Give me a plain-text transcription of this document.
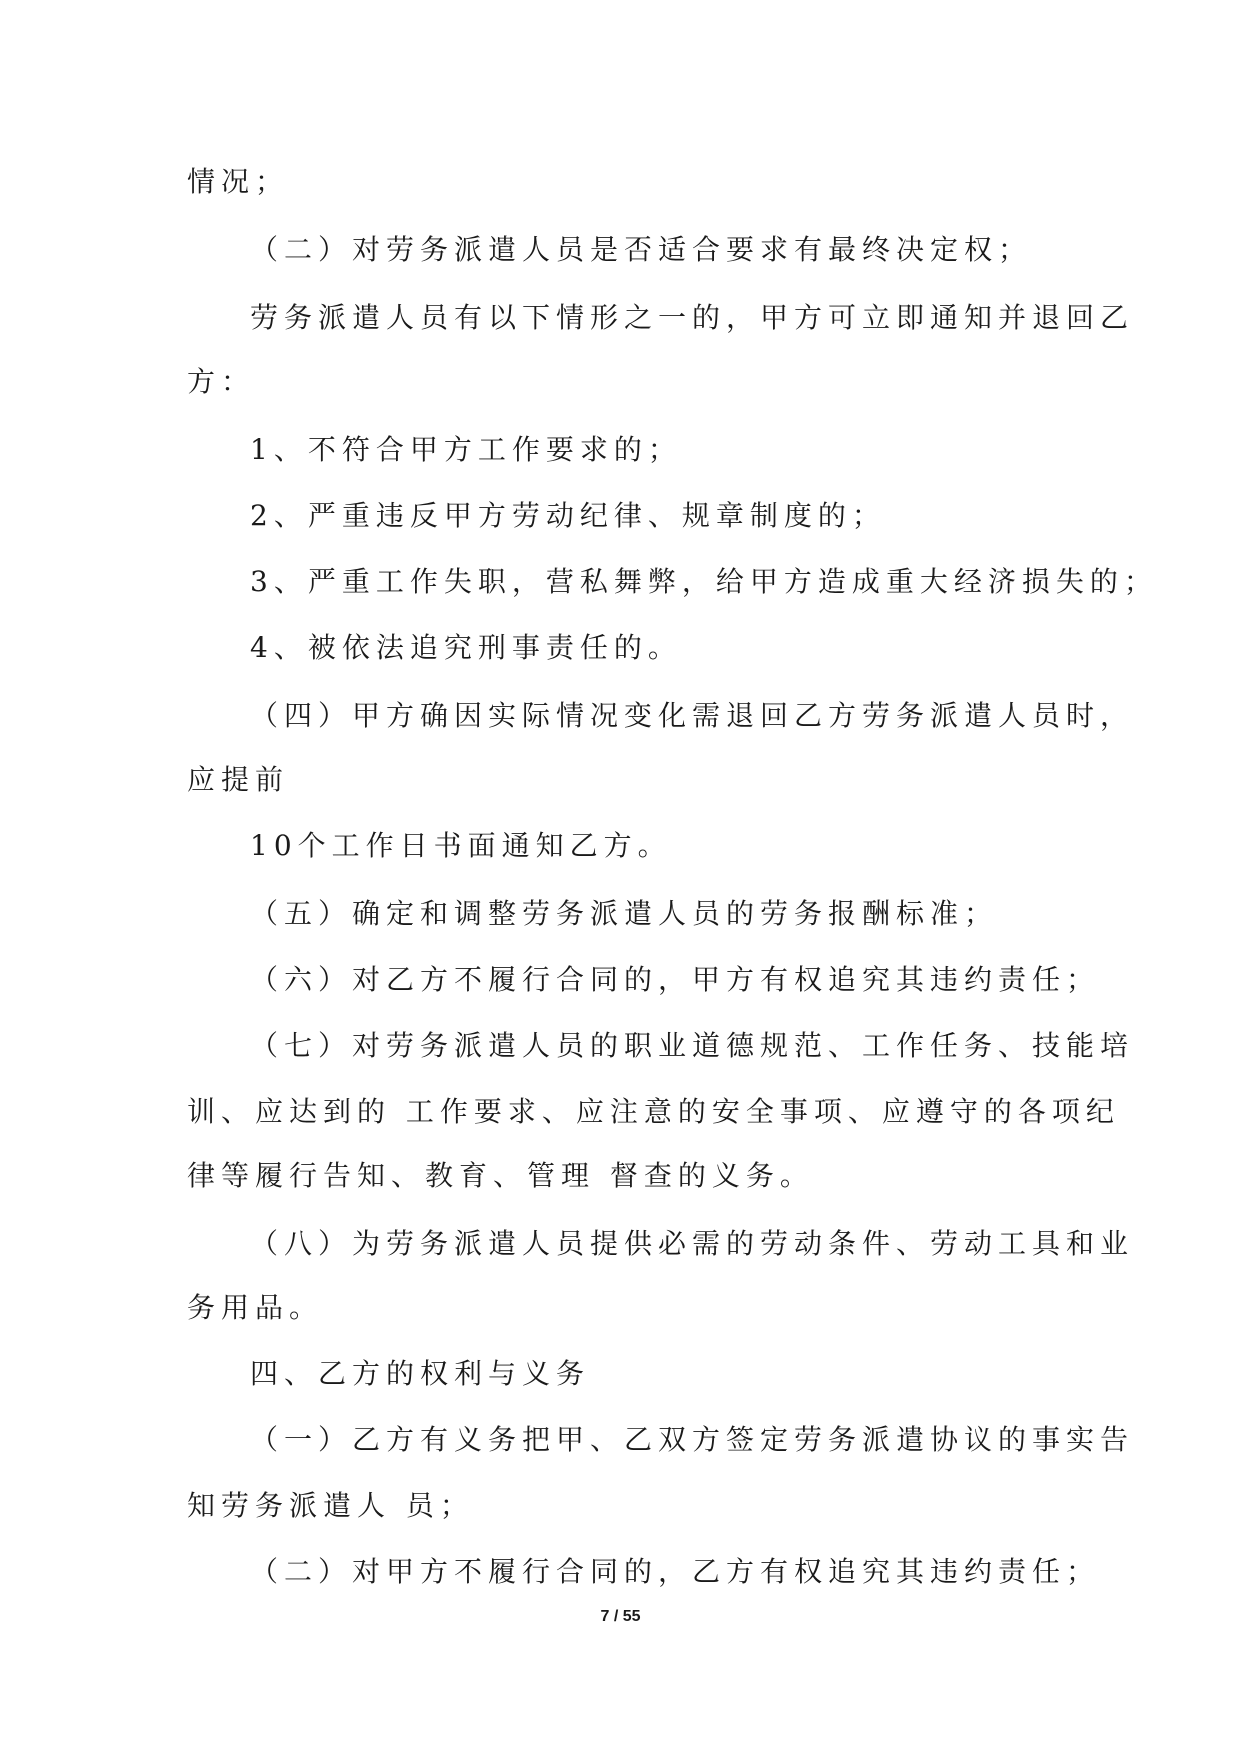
情况；
（二）对劳务派遣人员是否适合要求有最终决定权；
劳务派遣人员有以下情形之一的，甲方可立即通知并退回乙
方：
1、不符合甲方工作要求的；
2、严重违反甲方劳动纪律、规章制度的；
3、严重工作失职，营私舞弊，给甲方造成重大经济损失的；
4、被依法追究刑事责任的。
（四）甲方确因实际情况变化需退回乙方劳务派遣人员时，
应提前
10个工作日书面通知乙方。
（五）确定和调整劳务派遣人员的劳务报酬标准；
（六）对乙方不履行合同的，甲方有权追究其违约责任；
（七）对劳务派遣人员的职业道德规范、工作任务、技能培
训、应达到的 工作要求、应注意的安全事项、应遵守的各项纪
律等履行告知、教育、管理 督查的义务。
（八）为劳务派遣人员提供必需的劳动条件、劳动工具和业
务用品。
四、乙方的权利与义务
（一）乙方有义务把甲、乙双方签定劳务派遣协议的事实告
知劳务派遣人 员；
（二）对甲方不履行合同的，乙方有权追究其违约责任；
7 / 55
